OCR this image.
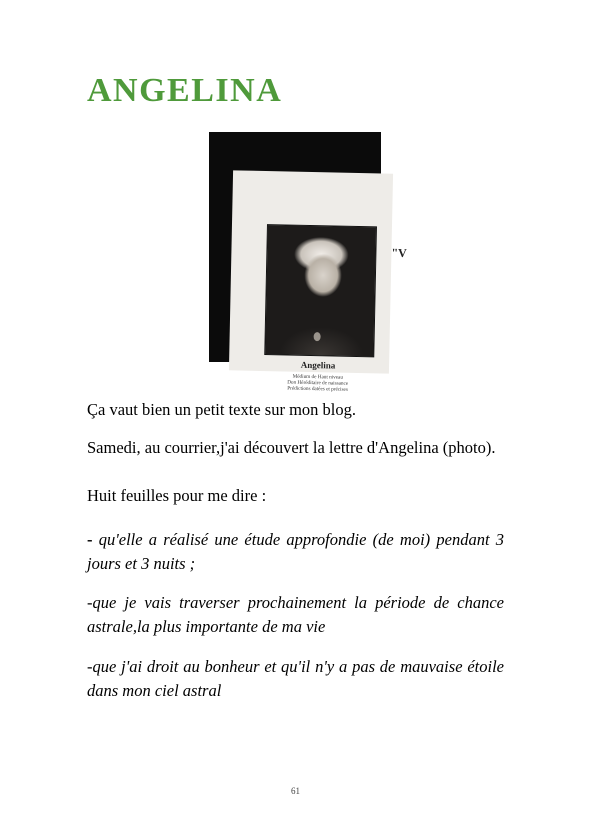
ANGELINA
Angelina
Médium de Haut niveau
Don Héréditaire de naissance
Prédictions datées et précises
"V

Ça vaut bien un petit texte sur mon blog.

Samedi, au courrier,j'ai découvert la lettre d'Angelina (photo).

Huit feuilles pour me dire :

- qu'elle a réalisé une étude approfondie (de moi) pendant 3 jours et 3 nuits ;

-que je vais traverser prochainement la période de chance astrale,la plus importante de ma vie

-que j'ai droit au bonheur et qu'il n'y a pas de mauvaise étoile dans mon ciel astral

61
